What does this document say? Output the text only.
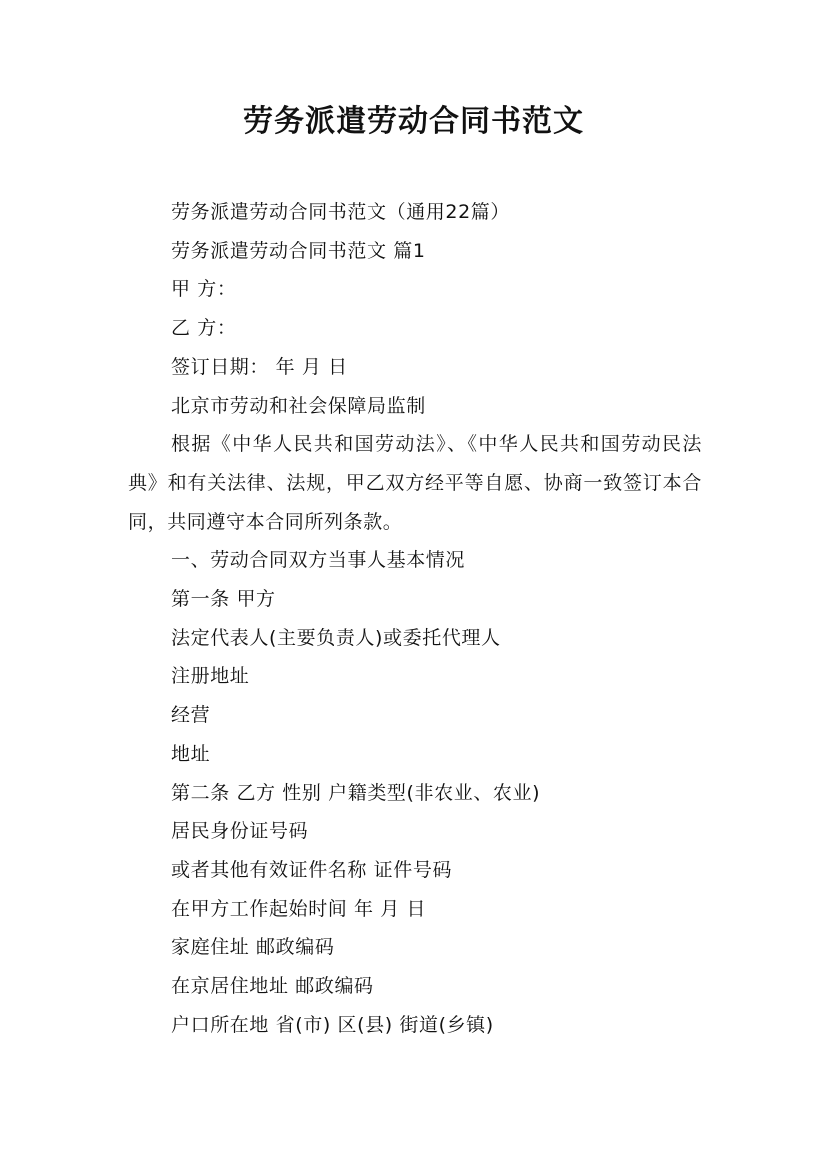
劳务派遣劳动合同书范文

劳务派遣劳动合同书范文（通用22篇）

劳务派遣劳动合同书范文 篇1

甲 方：

乙 方：

签订日期： 年 月 日

北京市劳动和社会保障局监制

根据《中华人民共和国劳动法》、《中华人民共和国劳动民法典》和有关法律、法规，甲乙双方经平等自愿、协商一致签订本合同，共同遵守本合同所列条款。

一、劳动合同双方当事人基本情况

第一条 甲方

法定代表人(主要负责人)或委托代理人

注册地址

经营

地址

第二条 乙方 性别 户籍类型(非农业、农业)

居民身份证号码

或者其他有效证件名称 证件号码

在甲方工作起始时间 年 月 日

家庭住址 邮政编码

在京居住地址 邮政编码

户口所在地 省(市) 区(县) 街道(乡镇)
